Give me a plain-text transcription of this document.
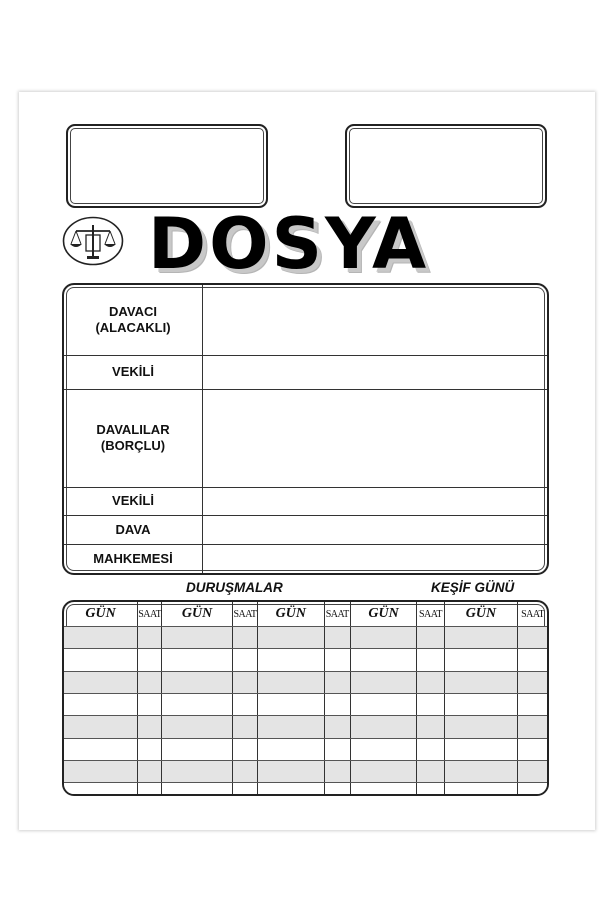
DOSYA
DAVACI
(ALACAKLI)	
VEKİLİ	
DAVALILAR
(BORÇLU)	
VEKİLİ	
DAVA	
MAHKEMESİ	

DURUŞMALAR	KEŞİF GÜNÜ

GÜN	SAAT	GÜN	SAAT	GÜN	SAAT	GÜN	SAAT	GÜN	SAAT
